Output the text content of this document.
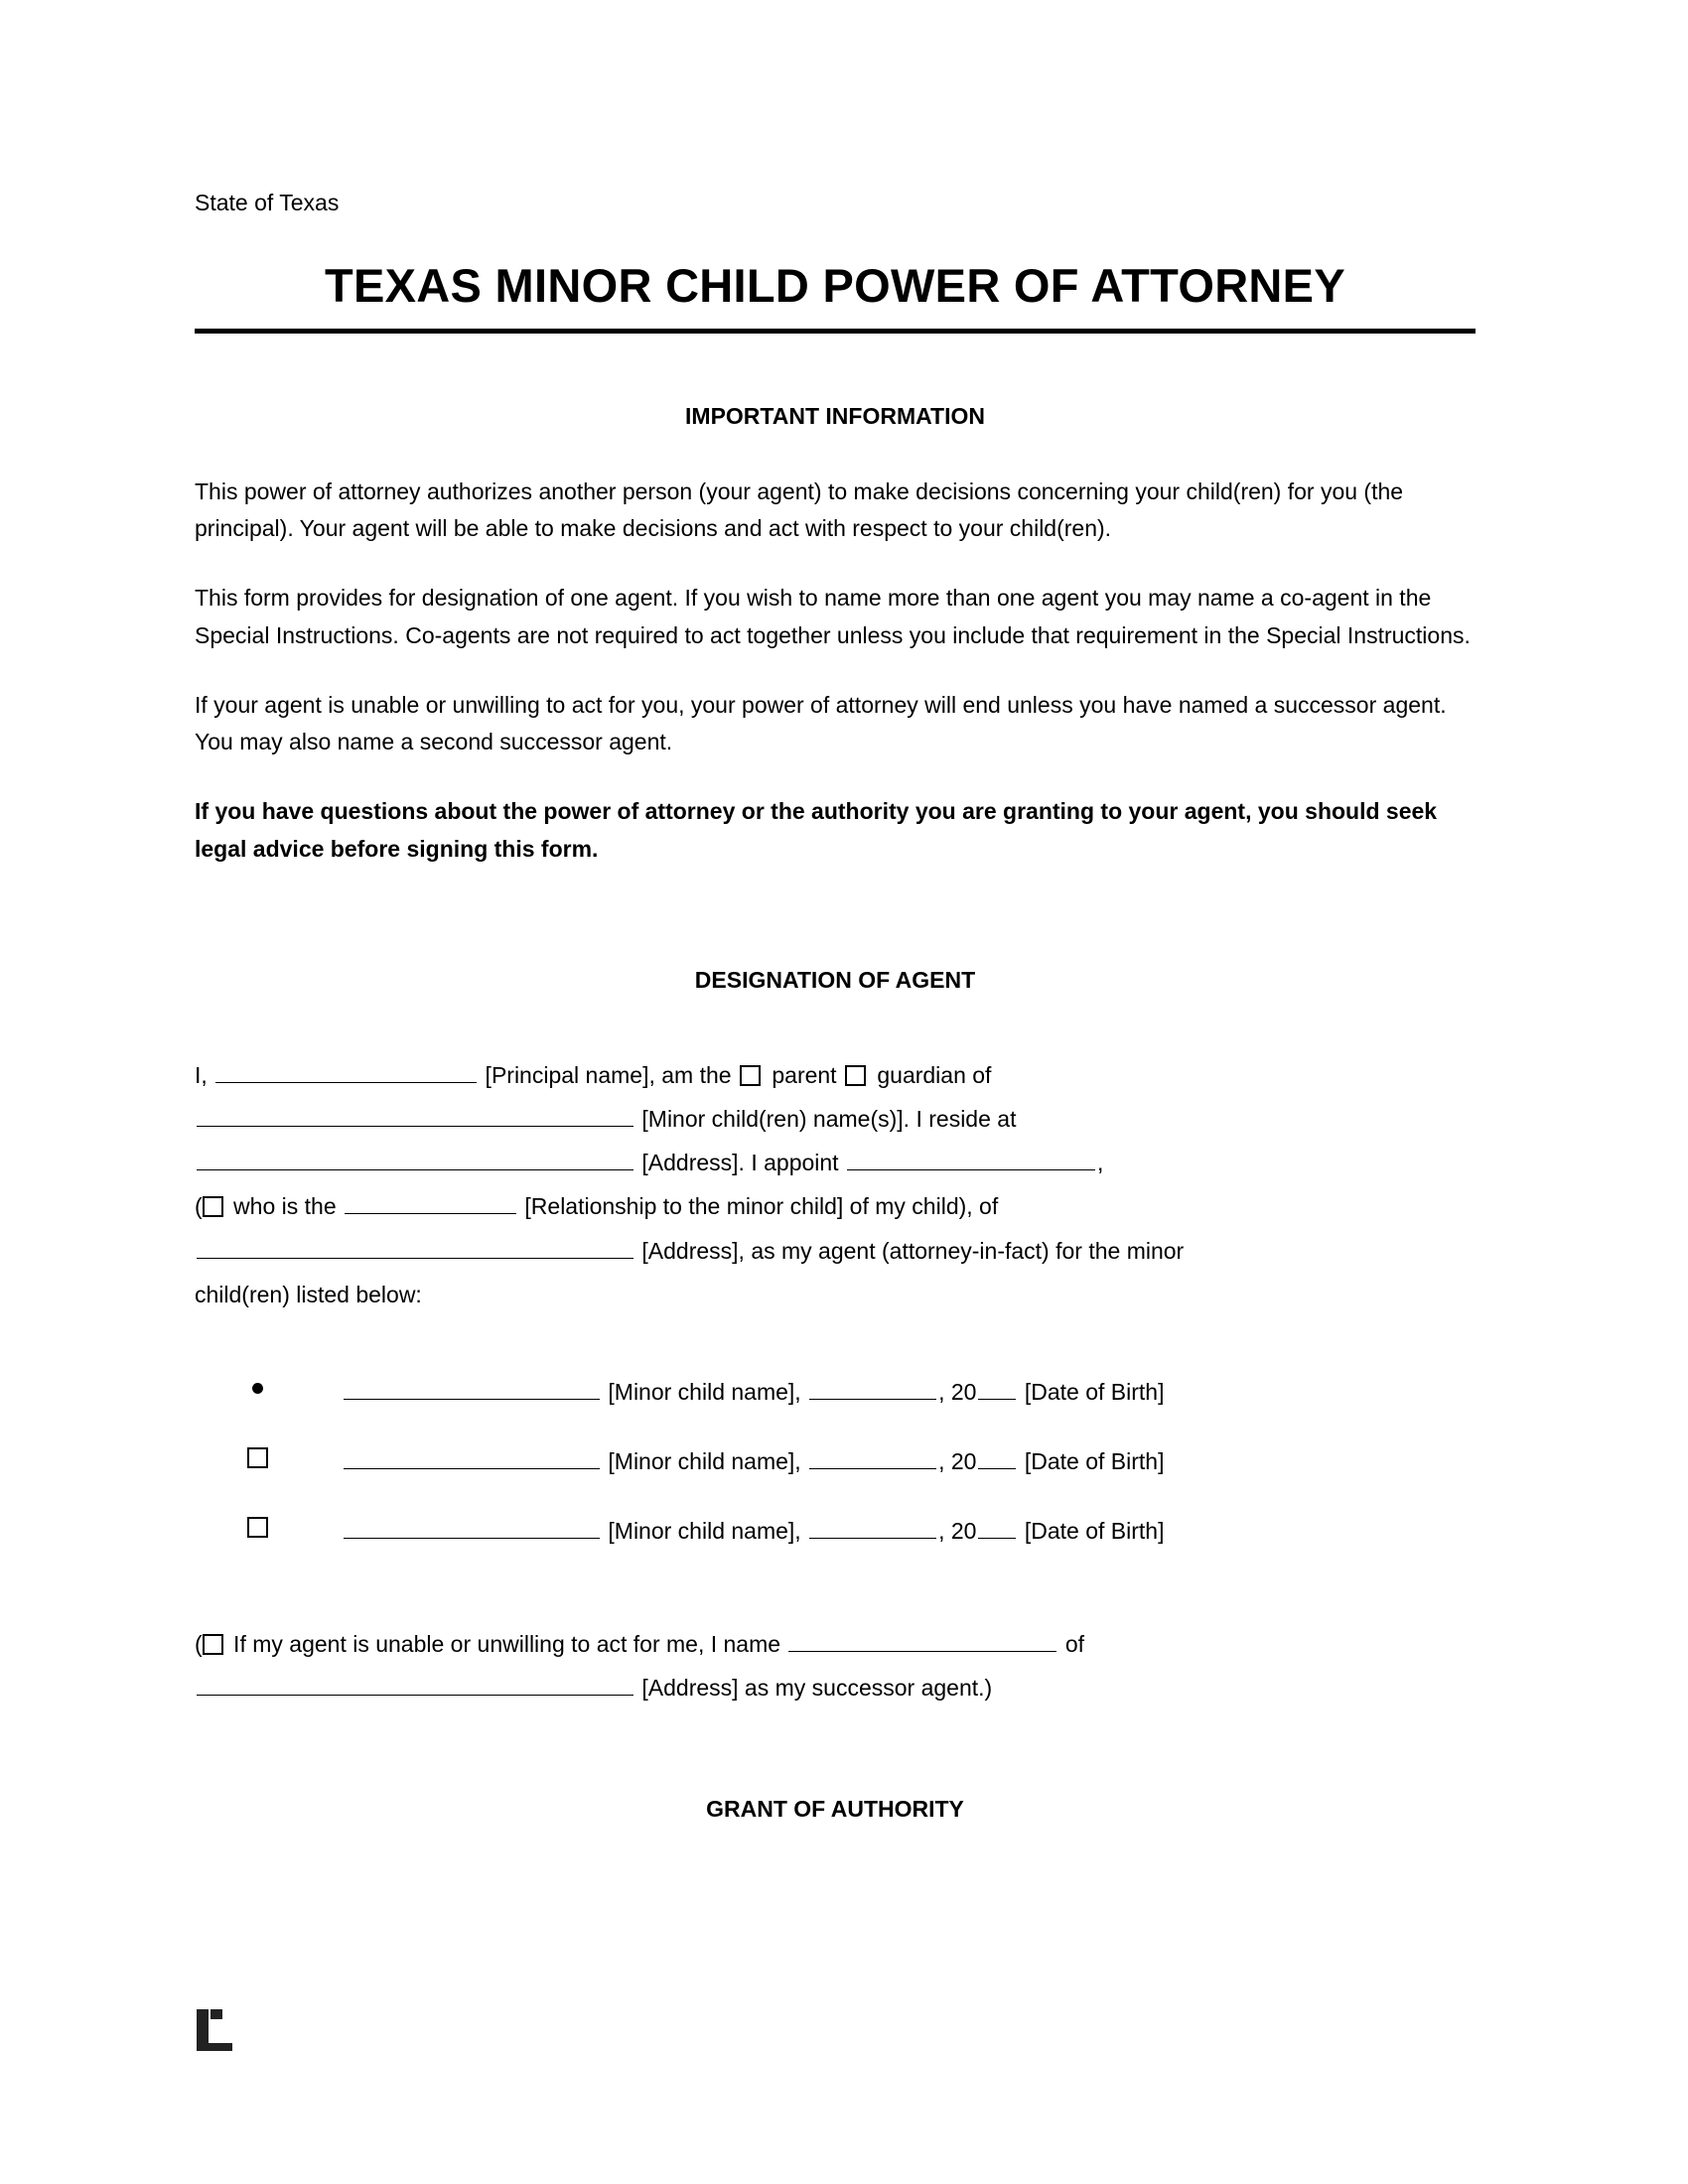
State of Texas
TEXAS MINOR CHILD POWER OF ATTORNEY
IMPORTANT INFORMATION

This power of attorney authorizes another person (your agent) to make decisions concerning your child(ren) for you (the principal). Your agent will be able to make decisions and act with respect to your child(ren).

This form provides for designation of one agent. If you wish to name more than one agent you may name a co-agent in the Special Instructions. Co-agents are not required to act together unless you include that requirement in the Special Instructions.

If your agent is unable or unwilling to act for you, your power of attorney will end unless you have named a successor agent. You may also name a second successor agent.

If you have questions about the power of attorney or the authority you are granting to your agent, you should seek legal advice before signing this form.

DESIGNATION OF AGENT
I,	[Principal name], am the  parent  guardian of
[Minor child(ren) name(s)]. I reside at
[Address]. I appoint	,
( who is the	[Relationship to the minor child] of my child), of
[Address], as my agent (attorney-in-fact) for the minor
child(ren) listed below:
[Minor child name],	, 20 [Date of Birth]
[Minor child name],	, 20 [Date of Birth]
[Minor child name],	, 20 [Date of Birth]
( If my agent is unable or unwilling to act for me, I name	of
[Address] as my successor agent.)
GRANT OF AUTHORITY
